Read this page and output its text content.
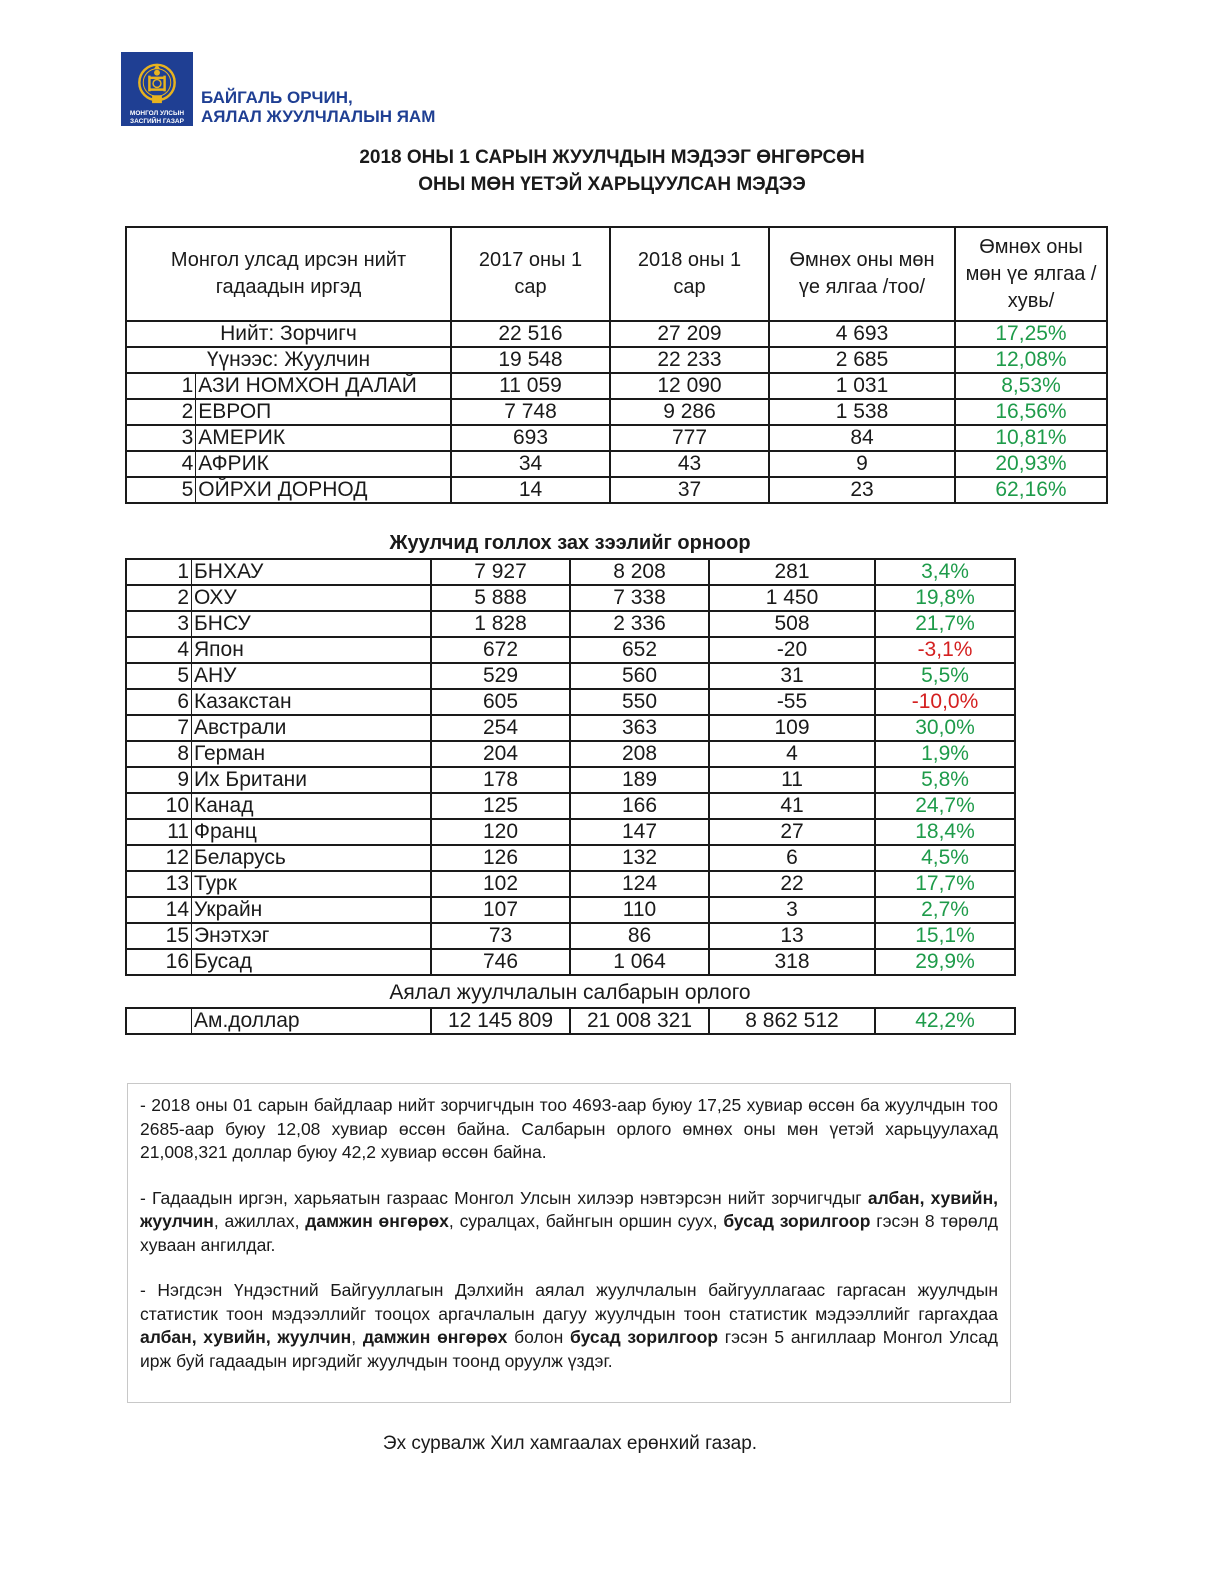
МОНГОЛ УЛСЫН
ЗАСГИЙН ГАЗАР
БАЙГАЛЬ ОРЧИН,
АЯЛАЛ ЖУУЛЧЛАЛЫН ЯАМ
2018 ОНЫ 1 САРЫН ЖУУЛЧДЫН МЭДЭЭГ ӨНГӨРСӨН
ОНЫ МӨН ҮЕТЭЙ ХАРЬЦУУЛСАН МЭДЭЭ
Монгол улсад ирсэн нийт гадаадын иргэд		2017 оны 1 сар	2018 оны 1 сар	Өмнөх оны мөн үе ялгаа /тоо/	Өмнөх оны мөн үе ялгаа /хувь/
Нийт: Зорчигч		22 516	27 209	4 693	17,25%
Үүнээс: Жуулчин		19 548	22 233	2 685	12,08%
1	АЗИ НОМХОН ДАЛАЙ	11 059	12 090	1 031	8,53%
2	ЕВРОП	7 748	9 286	1 538	16,56%
3	АМЕРИК	693	777	84	10,81%
4	АФРИК	34	43	9	20,93%
5	ОЙРХИ ДОРНОД	14	37	23	62,16%
Жуулчид голлох зах зээлийг орноор
1	БНХАУ	7 927	8 208	281	3,4%
2	ОХУ	5 888	7 338	1 450	19,8%
3	БНСУ	1 828	2 336	508	21,7%
4	Япон	672	652	-20	-3,1%
5	АНУ	529	560	31	5,5%
6	Казакстан	605	550	-55	-10,0%
7	Австрали	254	363	109	30,0%
8	Герман	204	208	4	1,9%
9	Их Британи	178	189	11	5,8%
10	Канад	125	166	41	24,7%
11	Франц	120	147	27	18,4%
12	Беларусь	126	132	6	4,5%
13	Турк	102	124	22	17,7%
14	Украйн	107	110	3	2,7%
15	Энэтхэг	73	86	13	15,1%
16	Бусад	746	1 064	318	29,9%
Аялал жуулчлалын салбарын орлого
	Ам.доллар	12 145 809	21 008 321	8 862 512	42,2%

- 2018 оны 01 сарын байдлаар нийт зорчигчдын тоо 4693-аар буюу 17,25 хувиар өссөн ба жуулчдын тоо 2685-аар буюу 12,08 хувиар өссөн байна. Салбарын орлого өмнөх оны мөн үетэй харьцуулахад 21,008,321 доллар буюу 42,2 хувиар өссөн байна.

- Гадаадын иргэн, харьяатын газраас Монгол Улсын хилээр нэвтэрсэн нийт зорчигчдыг албан, хувийн, жуулчин, ажиллах, дамжин өнгөрөх, суралцах, байнгын оршин суух, бусад зорилгоор гэсэн 8 төрөлд хуваан ангилдаг.

- Нэгдсэн Үндэстний Байгууллагын Дэлхийн аялал жуулчлалын байгууллагаас гаргасан жуулчдын статистик тоон мэдээллийг тооцох аргачлалын дагуу жуулчдын тоон статистик мэдээллийг гаргахдаа албан, хувийн, жуулчин, дамжин өнгөрөх болон бусад зорилгоор гэсэн 5 ангиллаар Монгол Улсад ирж буй гадаадын иргэдийг жуулчдын тоонд оруулж үздэг.

Эх сурвалж Хил хамгаалах ерөнхий газар.
